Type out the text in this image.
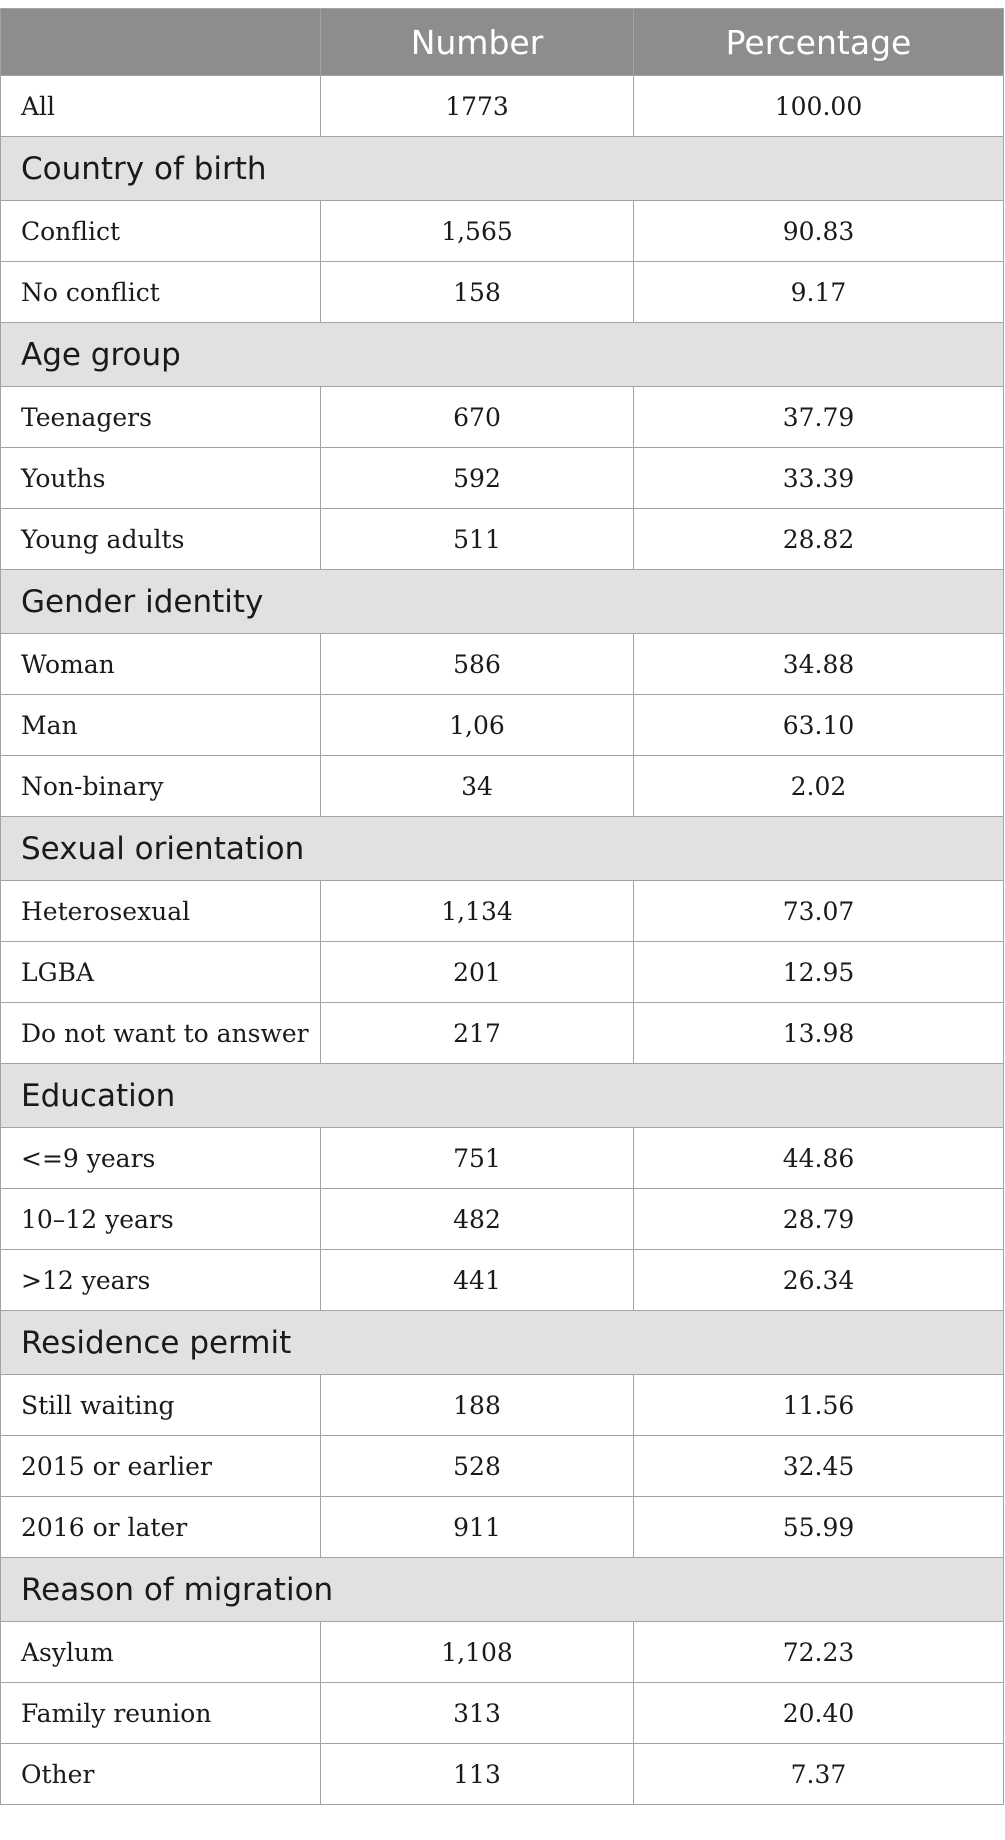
	Number	Percentage
All	1773	100.00
Country of birth		
Conflict	1,565	90.83
No conflict	158	9.17
Age group		
Teenagers	670	37.79
Youths	592	33.39
Young adults	511	28.82
Gender identity		
Woman	586	34.88
Man	1,06	63.10
Non-binary	34	2.02
Sexual orientation		
Heterosexual	1,134	73.07
LGBA	201	12.95
Do not want to answer	217	13.98
Education		
<=9 years	751	44.86
10–12 years	482	28.79
>12 years	441	26.34
Residence permit		
Still waiting	188	11.56
2015 or earlier	528	32.45
2016 or later	911	55.99
Reason of migration		
Asylum	1,108	72.23
Family reunion	313	20.40
Other	113	7.37
